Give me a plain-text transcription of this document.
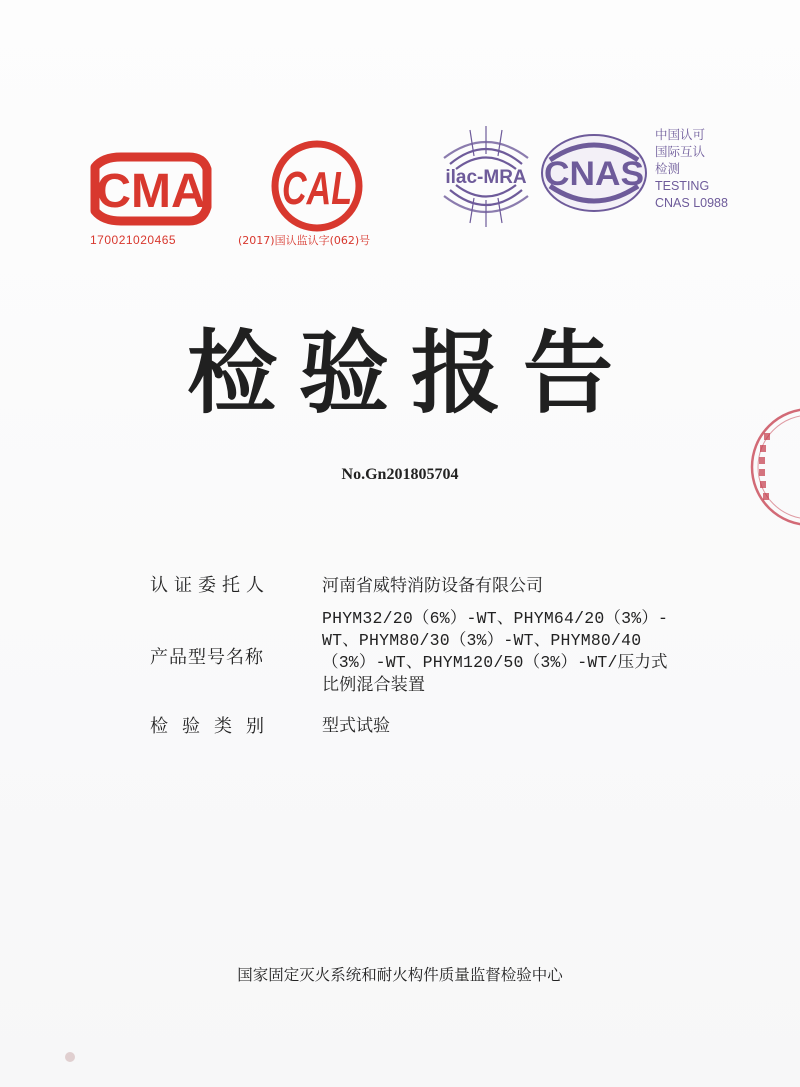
CMA
170021020465
CAL
(2017)国认监认字(062)号
ilac-MRA CNAS
中国认可
国际互认
检测
TESTING
CNAS L0988
检 验 报 告
No.Gn201805704
认证委托人	河南省威特消防设备有限公司
产品型号名称
PHYM32/20（6%）-WT、PHYM64/20（3%）-
WT、PHYM80/30（3%）-WT、PHYM80/40
（3%）-WT、PHYM120/50（3%）-WT/压力式
比例混合装置
检验类别	型式试验
国家固定灭火系统和耐火构件质量监督检验中心
